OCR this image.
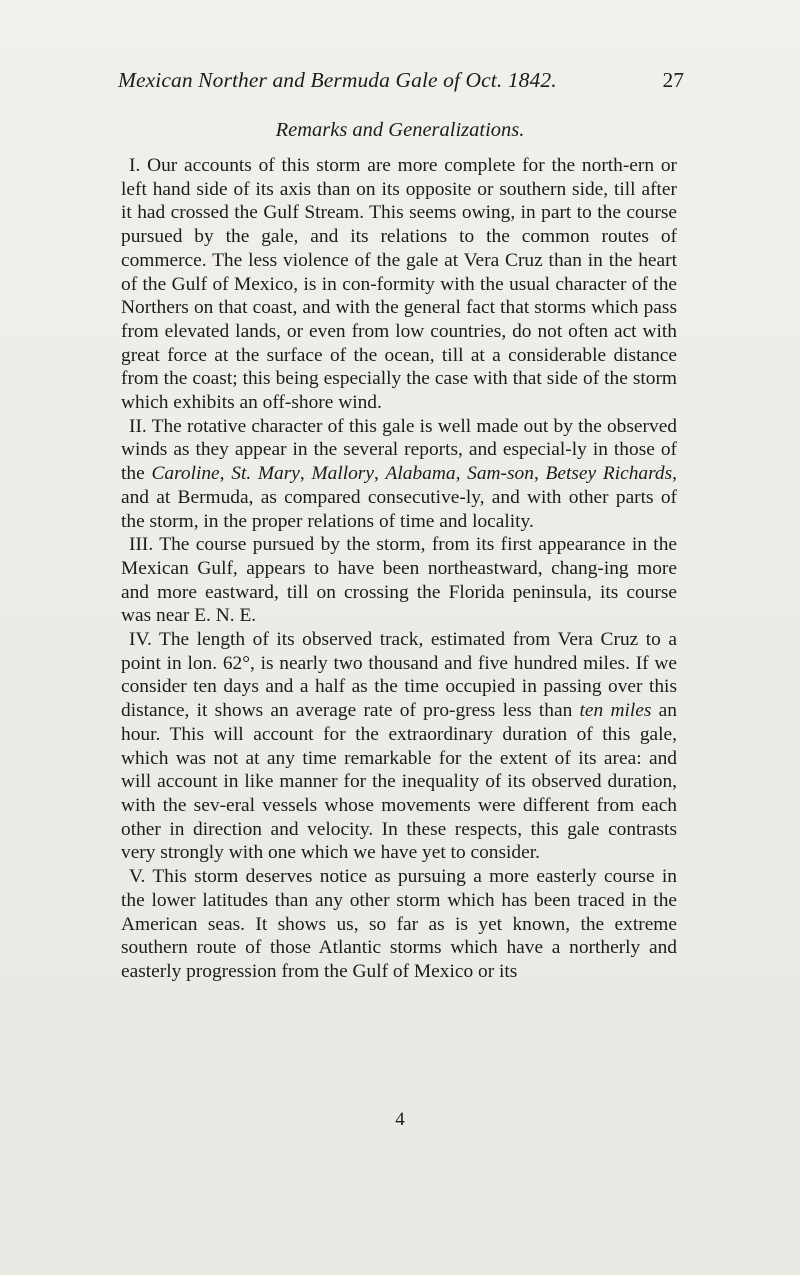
Mexican Norther and Bermuda Gale of Oct. 1842.	27
Remarks and Generalizations.

I. Our accounts of this storm are more complete for the north-ern or left hand side of its axis than on its opposite or southern side, till after it had crossed the Gulf Stream. This seems owing, in part to the course pursued by the gale, and its relations to the common routes of commerce. The less violence of the gale at Vera Cruz than in the heart of the Gulf of Mexico, is in con-formity with the usual character of the Northers on that coast, and with the general fact that storms which pass from elevated lands, or even from low countries, do not often act with great force at the surface of the ocean, till at a considerable distance from the coast; this being especially the case with that side of the storm which exhibits an off-shore wind.

II. The rotative character of this gale is well made out by the observed winds as they appear in the several reports, and especial-ly in those of the Caroline, St. Mary, Mallory, Alabama, Sam-son, Betsey Richards, and at Bermuda, as compared consecutive-ly, and with other parts of the storm, in the proper relations of time and locality.

III. The course pursued by the storm, from its first appearance in the Mexican Gulf, appears to have been northeastward, chang-ing more and more eastward, till on crossing the Florida peninsula, its course was near E. N. E.

IV. The length of its observed track, estimated from Vera Cruz to a point in lon. 62°, is nearly two thousand and five hundred miles. If we consider ten days and a half as the time occupied in passing over this distance, it shows an average rate of pro-gress less than ten miles an hour. This will account for the extraordinary duration of this gale, which was not at any time remarkable for the extent of its area: and will account in like manner for the inequality of its observed duration, with the sev-eral vessels whose movements were different from each other in direction and velocity. In these respects, this gale contrasts very strongly with one which we have yet to consider.

V. This storm deserves notice as pursuing a more easterly course in the lower latitudes than any other storm which has been traced in the American seas. It shows us, so far as is yet known, the extreme southern route of those Atlantic storms which have a northerly and easterly progression from the Gulf of Mexico or its

4
